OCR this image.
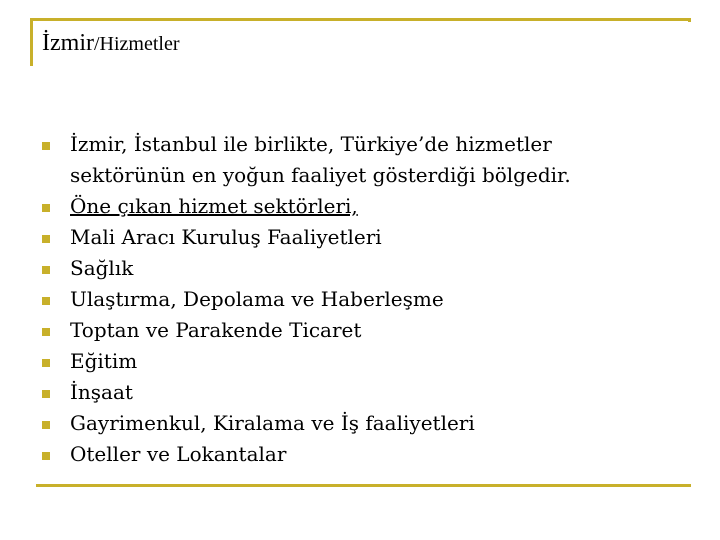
İzmir/Hizmetler
İzmir, İstanbul ile birlikte, Türkiye’de hizmetler
sektörünün en yoğun faaliyet gösterdiği bölgedir.
Öne çıkan hizmet sektörleri,
Mali Aracı Kuruluş Faaliyetleri
Sağlık
Ulaştırma, Depolama ve Haberleşme
Toptan ve Parakende Ticaret
Eğitim
İnşaat
Gayrimenkul, Kiralama ve İş faaliyetleri
Oteller ve Lokantalar
